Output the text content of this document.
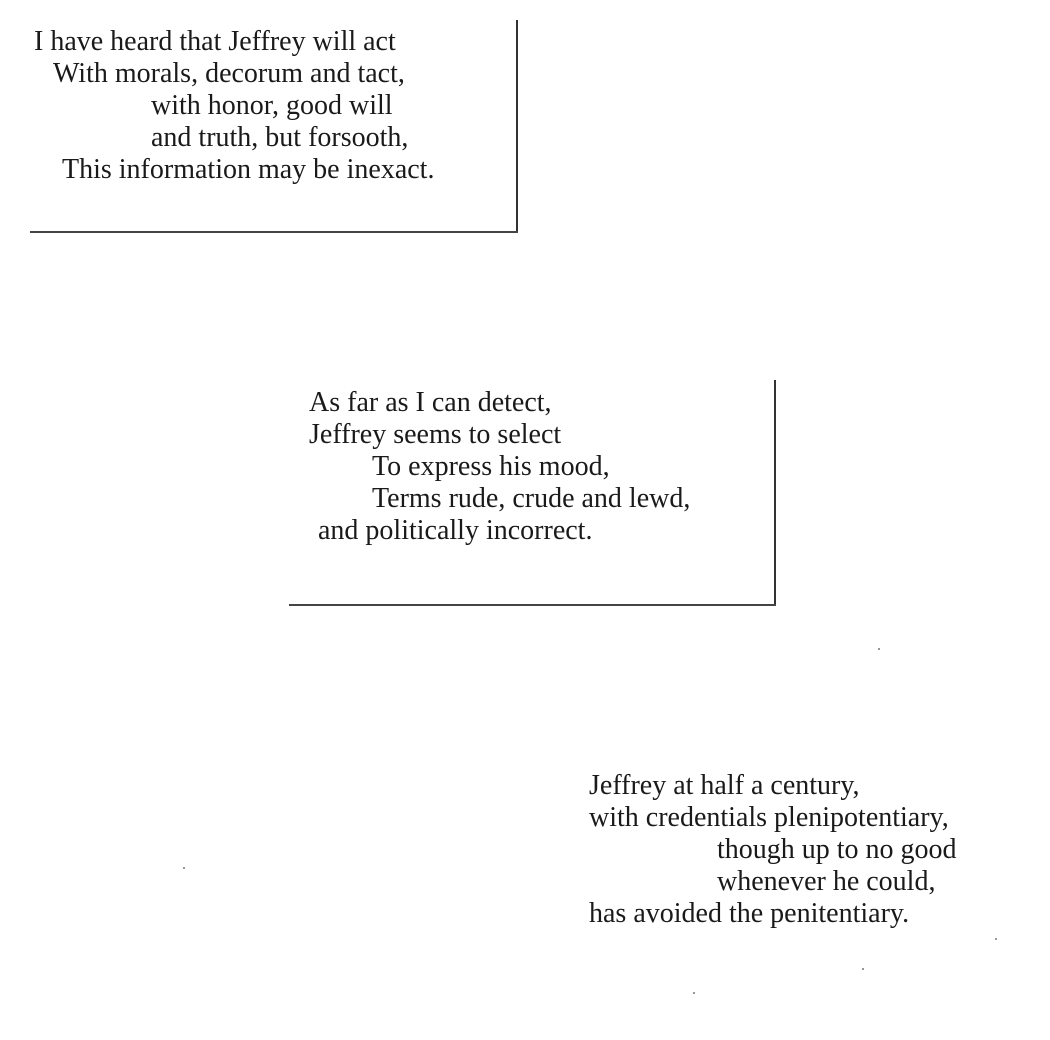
I have heard that Jeffrey will act
With morals, decorum and tact,
with honor, good will
and truth, but forsooth,
This information may be inexact.
As far as I can detect,
Jeffrey seems to select
To express his mood,
Terms rude, crude and lewd,
and politically incorrect.
Jeffrey at half a century,
with credentials plenipotentiary,
though up to no good
whenever he could,
has avoided the penitentiary.
